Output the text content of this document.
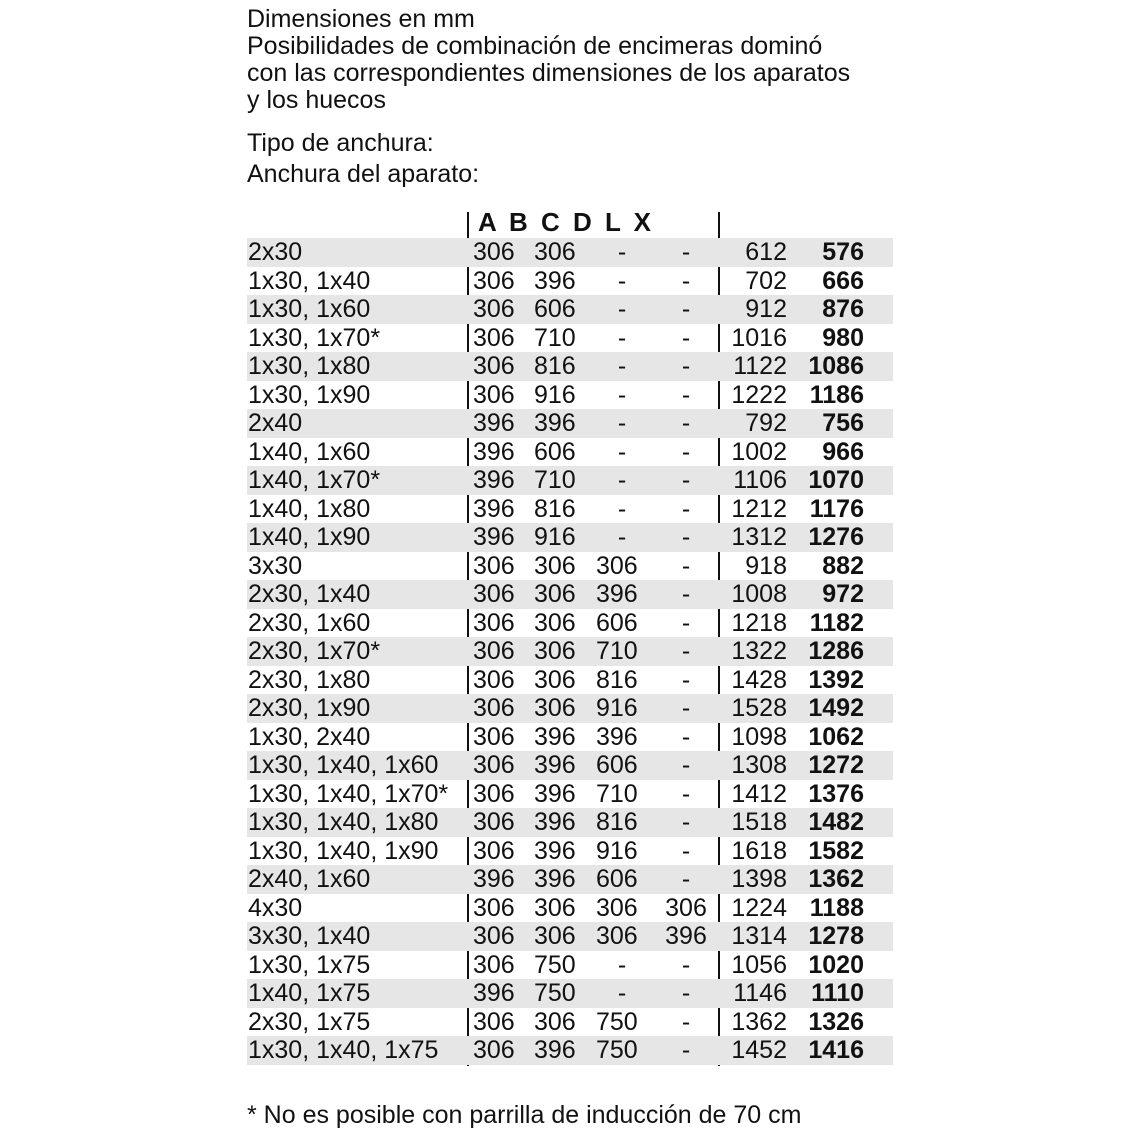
Dimensiones en mm

Posibilidades de combinación de encimeras dominó

con las correspondientes dimensiones de los aparatos

y los huecos

Tipo de anchura:

Anchura del aparato:

A B C D L X
2x30	306 306	-	-	612 576
1x30, 1x40	306 396	-	-	702 666
1x30, 1x60	306 606	-	-	912 876
1x30, 1x70*	306 710	-	-	1016 980
1x30, 1x80	306 816	-	-	1122 1086
1x30, 1x90	306 916	-	-	1222 1186
2x40	396 396	-	-	792 756
1x40, 1x60	396 606	-	-	1002 966
1x40, 1x70*	396 710	-	-	1106 1070
1x40, 1x80	396 816	-	-	1212 1176
1x40, 1x90	396 916	-	-	1312 1276
3x30	306 306 306	-	918 882
2x30, 1x40	306 306 396	-	1008 972
2x30, 1x60	306 306 606	-	1218 1182
2x30, 1x70*	306 306 710	-	1322 1286
2x30, 1x80	306 306 816	-	1428 1392
2x30, 1x90	306 306 916	-	1528 1492
1x30, 2x40	306 396 396	-	1098 1062
1x30, 1x40, 1x60 306 396 606	-	1308 1272
1x30, 1x40, 1x70* 306 396 710	-	1412 1376
1x30, 1x40, 1x80 306 396 816	-	1518 1482
1x30, 1x40, 1x90 306 396 916	-	1618 1582
2x40, 1x60	396 396 606	-	1398 1362
4x30	306 306 306 306 1224 1188
3x30, 1x40	306 306 306 396 1314 1278
1x30, 1x75	306 750	-	-	1056 1020
1x40, 1x75	396 750	-	-	1146 1110
2x30, 1x75	306 306 750	-	1362 1326
1x30, 1x40, 1x75 306 396 750	-	1452 1416
* No es posible con parrilla de inducción de 70 cm
